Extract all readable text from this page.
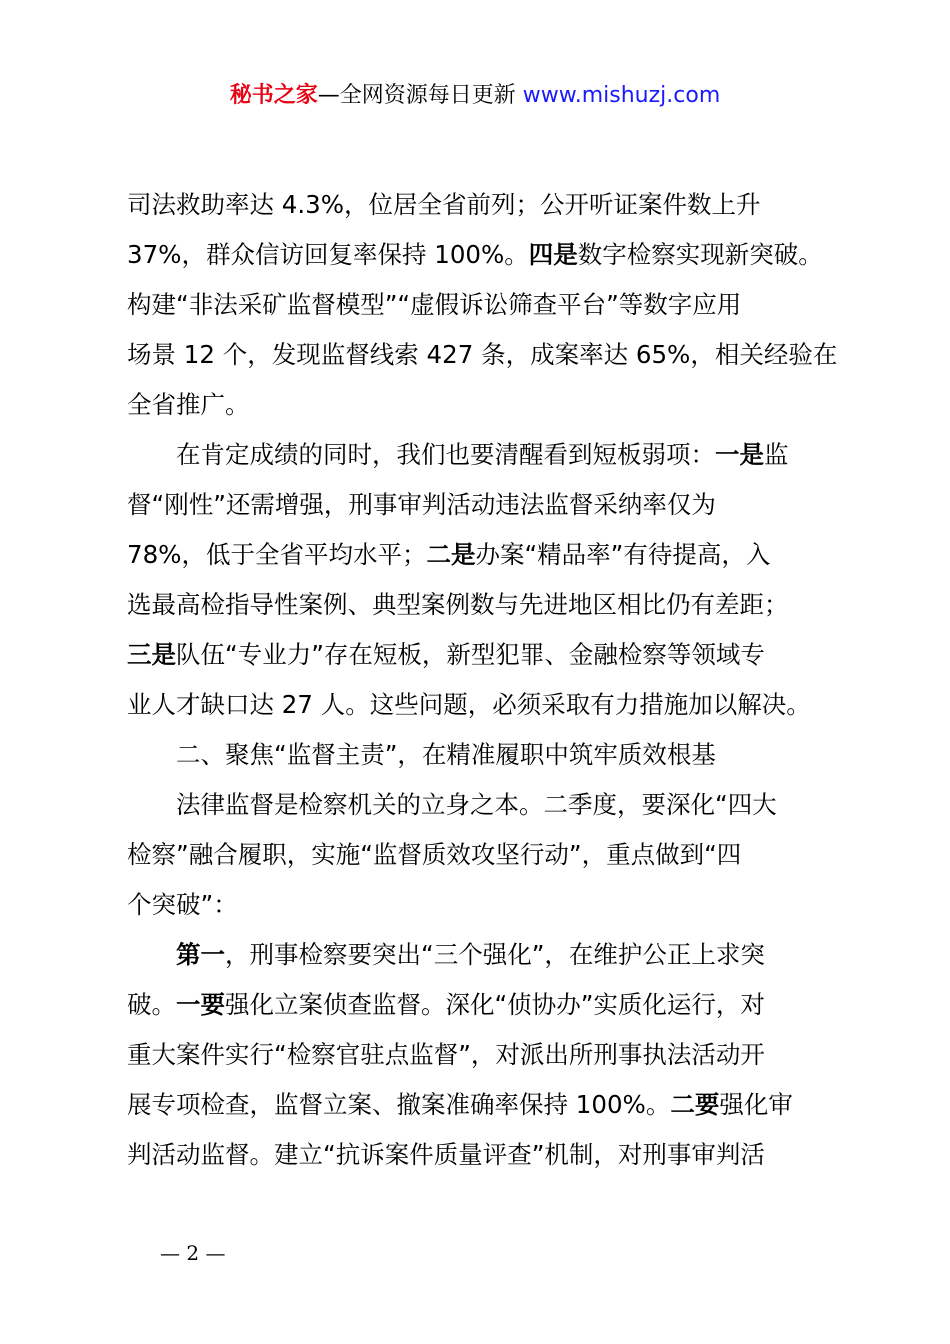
秘书之家—全网资源每日更新 www.mishuzj.com
司法救助率达 4.3%，位居全省前列；公开听证案件数上升
37%，群众信访回复率保持 100%。四是数字检察实现新突破。
构建“非法采矿监督模型”“虚假诉讼筛查平台”等数字应用
场景 12 个，发现监督线索 427 条，成案率达 65%，相关经验在
全省推广。
　　在肯定成绩的同时，我们也要清醒看到短板弱项：一是监
督“刚性”还需增强，刑事审判活动违法监督采纳率仅为
78%，低于全省平均水平；二是办案“精品率”有待提高，入
选最高检指导性案例、典型案例数与先进地区相比仍有差距；
三是队伍“专业力”存在短板，新型犯罪、金融检察等领域专
业人才缺口达 27 人。这些问题，必须采取有力措施加以解决。
　　二、聚焦“监督主责”，在精准履职中筑牢质效根基
　　法律监督是检察机关的立身之本。二季度，要深化“四大
检察”融合履职，实施“监督质效攻坚行动”，重点做到“四
个突破”：
　　第一，刑事检察要突出“三个强化”，在维护公正上求突
破。一要强化立案侦查监督。深化“侦协办”实质化运行，对
重大案件实行“检察官驻点监督”，对派出所刑事执法活动开
展专项检查，监督立案、撤案准确率保持 100%。二要强化审
判活动监督。建立“抗诉案件质量评查”机制，对刑事审判活
— 2 —
